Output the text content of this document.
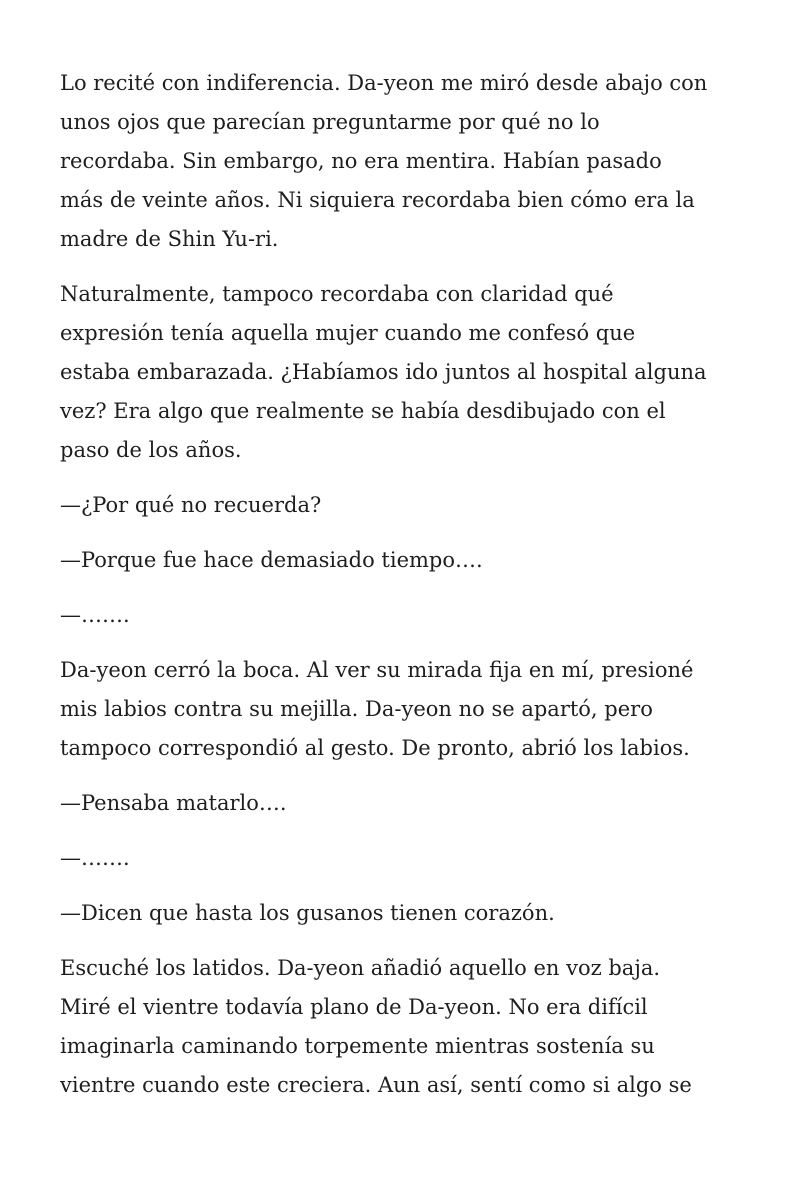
Lo recité con indiferencia. Da-yeon me miró desde abajo con
unos ojos que parecían preguntarme por qué no lo
recordaba. Sin embargo, no era mentira. Habían pasado
más de veinte años. Ni siquiera recordaba bien cómo era la
madre de Shin Yu-ri.

Naturalmente, tampoco recordaba con claridad qué
expresión tenía aquella mujer cuando me confesó que
estaba embarazada. ¿Habíamos ido juntos al hospital alguna
vez? Era algo que realmente se había desdibujado con el
paso de los años.

—¿Por qué no recuerda?

—Porque fue hace demasiado tiempo….

—…….

Da-yeon cerró la boca. Al ver su mirada fija en mí, presioné
mis labios contra su mejilla. Da-yeon no se apartó, pero
tampoco correspondió al gesto. De pronto, abrió los labios.

—Pensaba matarlo….

—…….

—Dicen que hasta los gusanos tienen corazón.

Escuché los latidos. Da-yeon añadió aquello en voz baja.
Miré el vientre todavía plano de Da-yeon. No era difícil
imaginarla caminando torpemente mientras sostenía su
vientre cuando este creciera. Aun así, sentí como si algo se
